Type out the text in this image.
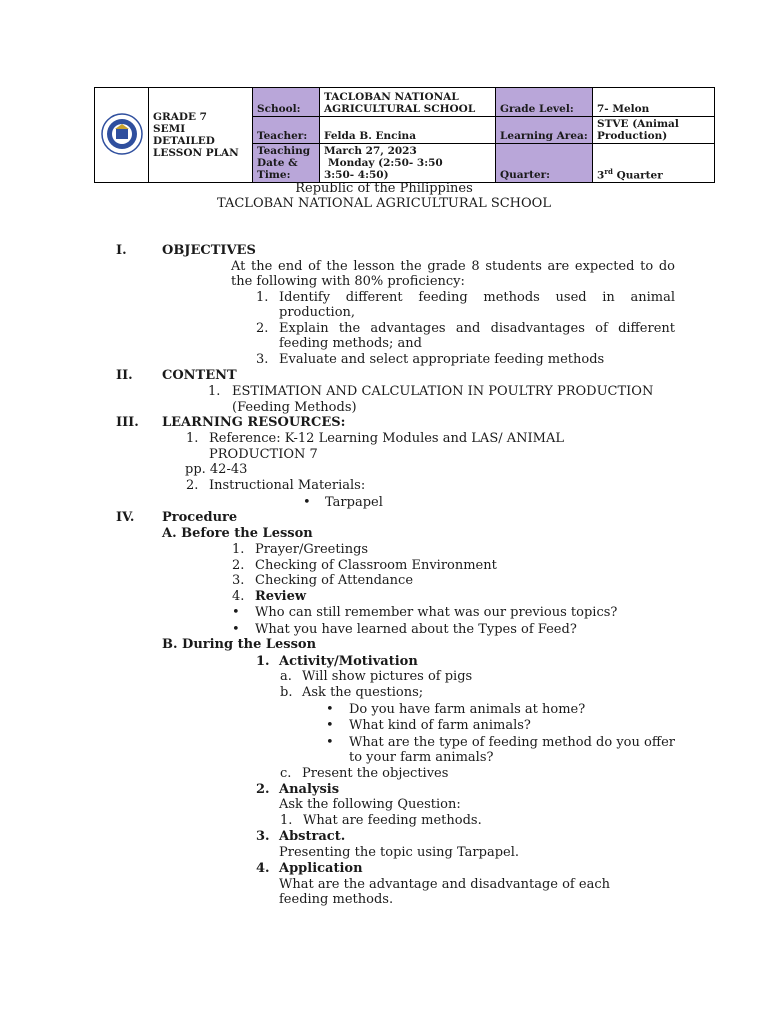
GRADE 7
SEMI
DETAILED
LESSON PLAN	School:	TACLOBAN NATIONAL AGRICULTURAL SCHOOL	Grade Level:	7- Melon
		Teacher:	Felda B. Encina	Learning Area:	STVE (Animal Production)
		Teaching Date & Time:	March 27, 2023
Monday (2:50- 3:50
3:50- 4:50)	Quarter:	3rd Quarter
Republic of the Philippines
TACLOBAN NATIONAL AGRICULTURAL SCHOOL
I.	OBJECTIVES
At the end of the lesson the grade 8 students are expected to do the following with 80% proficiency:
1. Identify different feeding methods used in animal production,
2. Explain the advantages and disadvantages of different feeding methods; and
3. Evaluate and select appropriate feeding methods
II. CONTENT
1. ESTIMATION AND CALCULATION IN POULTRY PRODUCTION
(Feeding Methods)
III. LEARNING RESOURCES:
1. Reference: K-12 Learning Modules and LAS/ ANIMAL
PRODUCTION 7
pp. 42-43
2. Instructional Materials:
• Tarpapel
IV. Procedure
A. Before the Lesson
1. Prayer/Greetings
2. Checking of Classroom Environment
3. Checking of Attendance
4. Review
• Who can still remember what was our previous topics?
• What you have learned about the Types of Feed?
B. During the Lesson
1. Activity/Motivation
a. Will show pictures of pigs
b. Ask the questions;
• Do you have farm animals at home?
• What kind of farm animals?
• What are the type of feeding method do you offer to your farm animals?
c. Present the objectives
2. Analysis
Ask the following Question:
1. What are feeding methods.
3. Abstract.
Presenting the topic using Tarpapel.
4. Application
What are the advantage and disadvantage of each
feeding methods.
